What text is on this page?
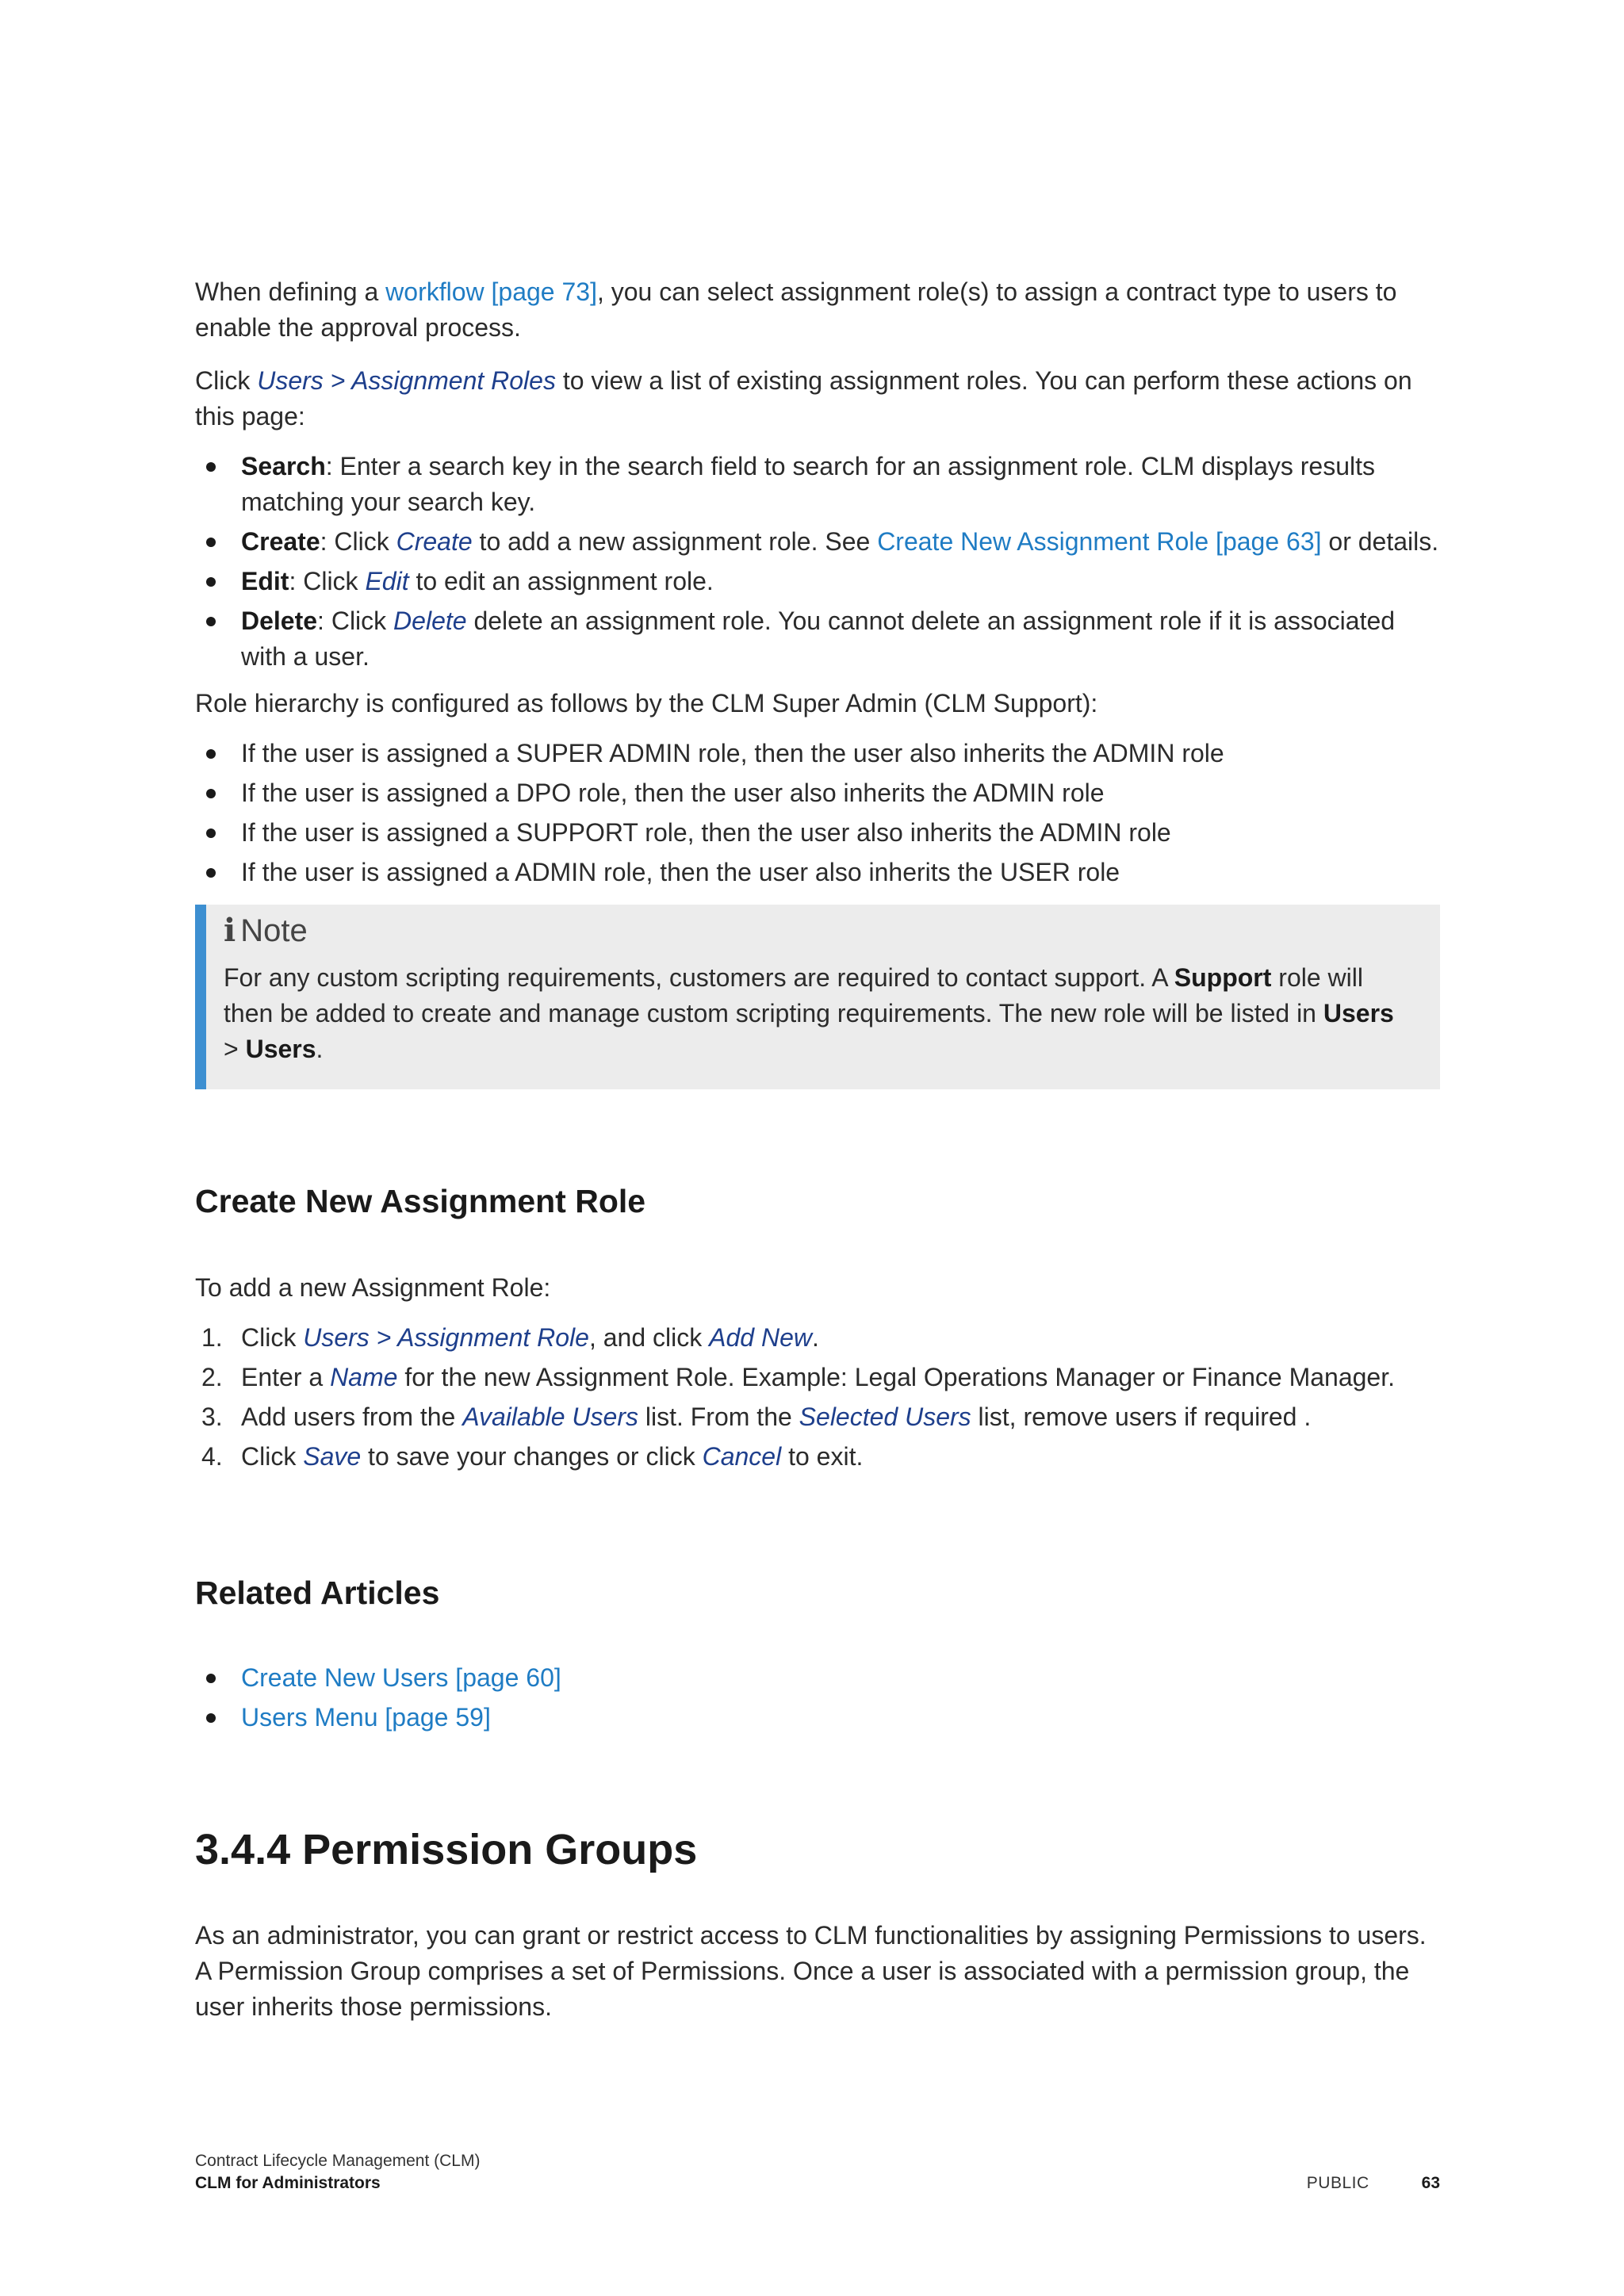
When defining a workflow [page 73], you can select assignment role(s) to assign a contract type to users to enable the approval process.

Click Users > Assignment Roles to view a list of existing assignment roles. You can perform these actions on this page:

Search: Enter a search key in the search field to search for an assignment role. CLM displays results matching your search key.
Create: Click Create to add a new assignment role. See Create New Assignment Role [page 63] or details.
Edit: Click Edit to edit an assignment role.
Delete: Click Delete delete an assignment role. You cannot delete an assignment role if it is associated with a user.

Role hierarchy is configured as follows by the CLM Super Admin (CLM Support):

If the user is assigned a SUPER ADMIN role, then the user also inherits the ADMIN role
If the user is assigned a DPO role, then the user also inherits the ADMIN role
If the user is assigned a SUPPORT role, then the user also inherits the ADMIN role
If the user is assigned a ADMIN role, then the user also inherits the USER role
i Note

For any custom scripting requirements, customers are required to contact support. A Support role will then be added to create and manage custom scripting requirements. The new role will be listed in Users > Users.

Create New Assignment Role

To add a new Assignment Role:

1. Click Users > Assignment Role, and click Add New.
2. Enter a Name for the new Assignment Role. Example: Legal Operations Manager or Finance Manager.
3. Add users from the Available Users list. From the Selected Users list, remove users if required .
4. Click Save to save your changes or click Cancel to exit.
Related Articles
Create New Users [page 60]
Users Menu [page 59]
3.4.4 Permission Groups

As an administrator, you can grant or restrict access to CLM functionalities by assigning Permissions to users. A Permission Group comprises a set of Permissions. Once a user is associated with a permission group, the user inherits those permissions.

Contract Lifecycle Management (CLM)
CLM for Administrators	PUBLIC	63
